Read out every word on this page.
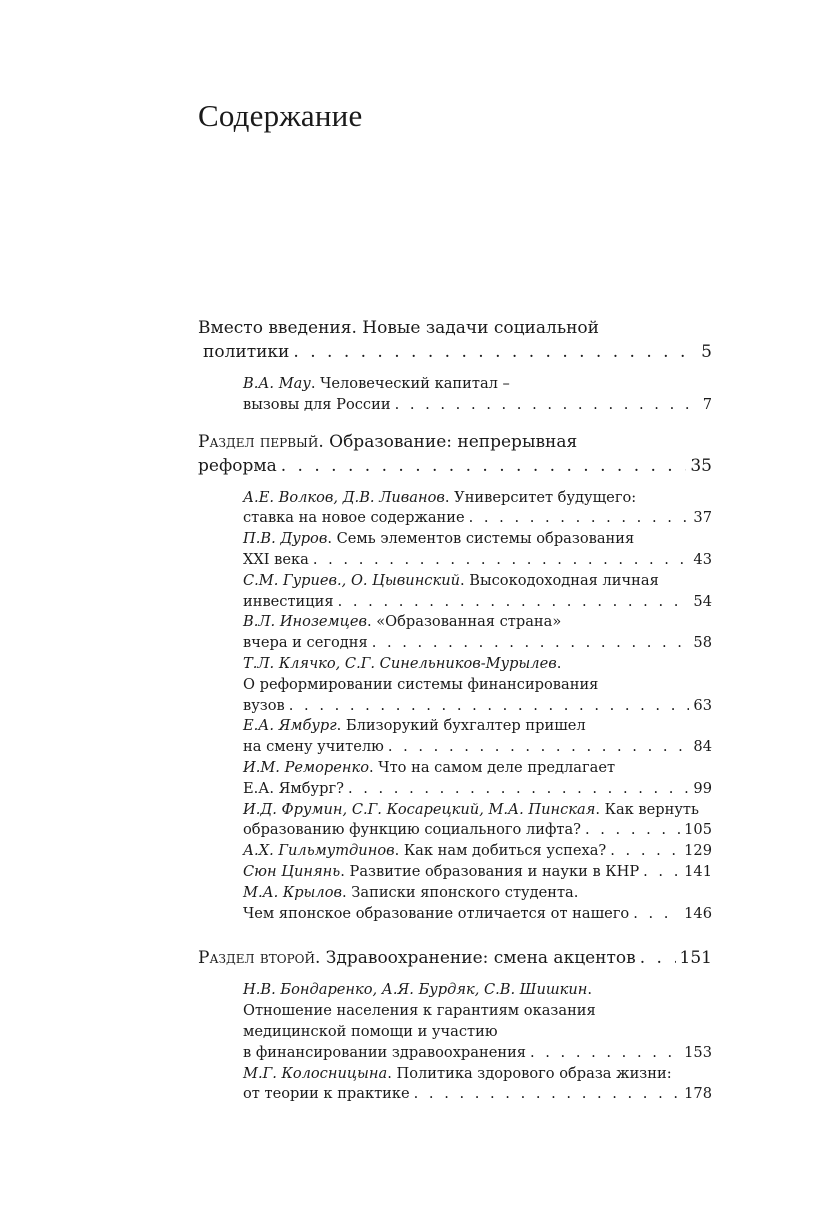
Содержание
Вместо введения. Новые задачи социальной
политики . . .	5
В.А. Мау. Человеческий капитал –
вызовы для России . . .	7
Раздел первый. Образование: непрерывная
реформа . . .	35
А.Е. Волков, Д.В. Ливанов. Университет будущего:
ставка на новое содержание . . .	37
П.В. Дуров. Семь элементов системы образования
XXI века . . .	43
С.М. Гуриев., О. Цывинский. Высокодоходная личная
инвестиция . . .	54
В.Л. Иноземцев. «Образованная страна»
вчера и сегодня . . .	58
Т.Л. Клячко, С.Г. Синельников-Мурылев.
О реформировании системы финансирования
вузов . . .	63
Е.А. Ямбург. Близорукий бухгалтер пришел
на смену учителю . . .	84
И.М. Реморенко. Что на самом деле предлагает
Е.А. Ямбург? . . .	99
И.Д. Фрумин, С.Г. Косарецкий, М.А. Пинская. Как вернуть
образованию функцию социального лифта? . . .	105
А.Х. Гильмутдинов . Как нам добиться успеха? . . .	129
Сюн Цинянь . Развитие образования и науки в КНР . . .	141
М.А. Крылов. Записки японского студента.
Чем японское образование отличается от нашего . . .	146
Раздел второй. Здравоохранение: смена акцентов . . .	151
Н.В. Бондаренко, А.Я. Бурдяк, С.В. Шишкин.
Отношение населения к гарантиям оказания
медицинской помощи и участию
в финансировании здравоохранения . . .	153
М.Г. Колосницына. Политика здорового образа жизни:
от теории к практике . . .	178
